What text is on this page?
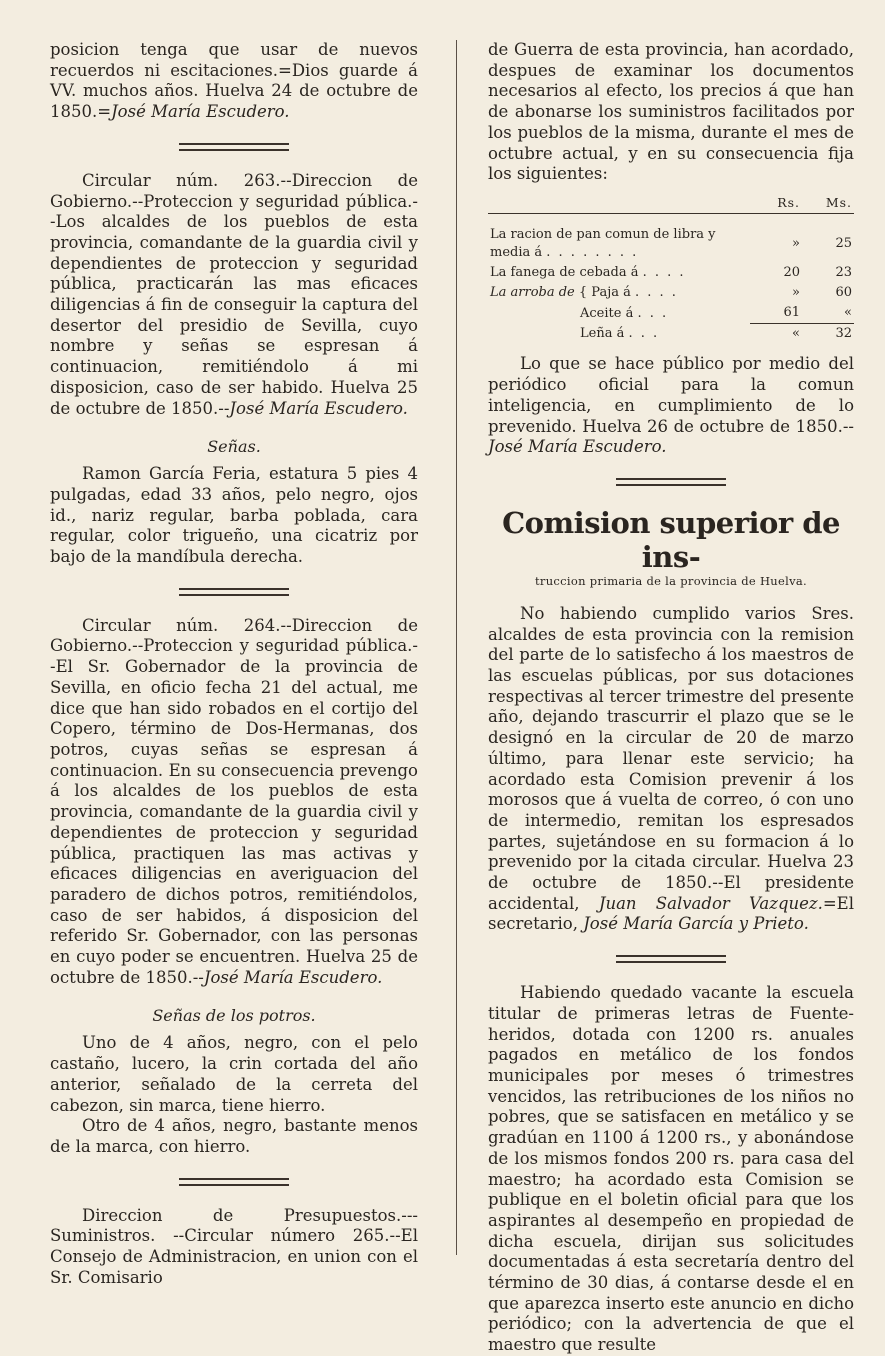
posicion tenga que usar de nuevos recuerdos ni escitaciones.=Dios guarde á VV. muchos años. Huelva 24 de octubre de 1850.=José María Escudero.

Circular núm. 263.--Direccion de Gobierno.--Proteccion y seguridad pública.--Los alcaldes de los pueblos de esta provincia, comandante de la guardia civil y dependientes de proteccion y seguridad pública, practicarán las mas eficaces diligencias á fin de conseguir la captura del desertor del presidio de Sevilla, cuyo nombre y señas se espresan á continuacion, remitiéndolo á mi disposicion, caso de ser habido. Huelva 25 de octubre de 1850.--José María Escudero.

Señas.

Ramon García Feria, estatura 5 pies 4 pulgadas, edad 33 años, pelo negro, ojos id., nariz regular, barba poblada, cara regular, color trigueño, una cicatriz por bajo de la mandíbula derecha.

Circular núm. 264.--Direccion de Gobierno.--Proteccion y seguridad pública.--El Sr. Gobernador de la provincia de Sevilla, en oficio fecha 21 del actual, me dice que han sido robados en el cortijo del Copero, término de Dos-Hermanas, dos potros, cuyas señas se espresan á continuacion. En su consecuencia prevengo á los alcaldes de los pueblos de esta provincia, comandante de la guardia civil y dependientes de proteccion y seguridad pública, practiquen las mas activas y eficaces diligencias en averiguacion del paradero de dichos potros, remitiéndolos, caso de ser habidos, á disposicion del referido Sr. Gobernador, con las personas en cuyo poder se encuentren. Huelva 25 de octubre de 1850.--José María Escudero.

Señas de los potros.

Uno de 4 años, negro, con el pelo castaño, lucero, la crin cortada del año anterior, señalado de la cerreta del cabezon, sin marca, tiene hierro.

Otro de 4 años, negro, bastante menos de la marca, con hierro.

Direccion de Presupuestos.---Suministros. --Circular número 265.--El Consejo de Administracion, en union con el Sr. Comisario

de Guerra de esta provincia, han acordado, despues de examinar los documentos necesarios al efecto, los precios á que han de abonarse los suministros facilitados por los pueblos de la misma, durante el mes de octubre actual, y en su consecuencia fija los siguientes:

	Rs.	Ms.

La racion de pan comun de libra y media á . . . . . . . .	»	25
La fanega de cebada á . . . .	20	23
La arroba de { Paja á . . . .	»	60
Aceite á . . .	61	«
Leña á . . .	«	32

Lo que se hace público por medio del periódico oficial para la comun inteligencia, en cumplimiento de lo prevenido. Huelva 26 de octubre de 1850.--José María Escudero.

Comision superior de ins-
truccion primaria de la provincia de Huelva.

No habiendo cumplido varios Sres. alcaldes de esta provincia con la remision del parte de lo satisfecho á los maestros de las escuelas públicas, por sus dotaciones respectivas al tercer trimestre del presente año, dejando trascurrir el plazo que se le designó en la circular de 20 de marzo último, para llenar este servicio; ha acordado esta Comision prevenir á los morosos que á vuelta de correo, ó con uno de intermedio, remitan los espresados partes, sujetándose en su formacion á lo prevenido por la citada circular. Huelva 23 de octubre de 1850.--El presidente accidental, Juan Salvador Vazquez.=El secretario, José María García y Prieto.

Habiendo quedado vacante la escuela titular de primeras letras de Fuente-heridos, dotada con 1200 rs. anuales pagados en metálico de los fondos municipales por meses ó trimestres vencidos, las retribuciones de los niños no pobres, que se satisfacen en metálico y se gradúan en 1100 á 1200 rs., y abonándose de los mismos fondos 200 rs. para casa del maestro; ha acordado esta Comision se publique en el boletin oficial para que los aspirantes al desempeño en propiedad de dicha escuela, dirijan sus solicitudes documentadas á esta secretaría dentro del término de 30 dias, á contarse desde el en que aparezca inserto este anuncio en dicho periódico; con la advertencia de que el maestro que resulte
